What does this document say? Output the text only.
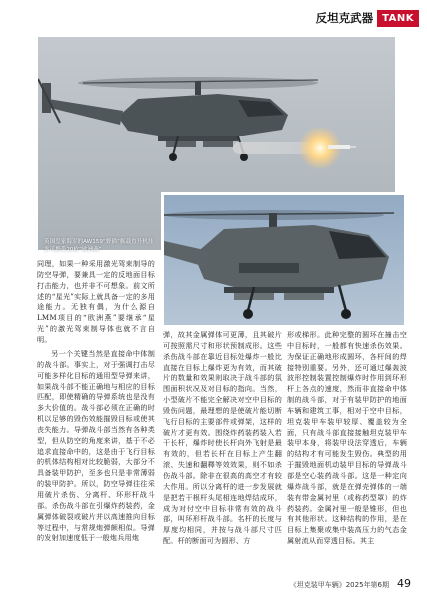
反坦克武器 TANK
英国皇家海军的AW159“野猫”舰载直升机挂多可携带20枚“欧洲燕”

同理，如果一种采用激光驾束制导的防空导弹，要兼具一定的反地面目标打击能力，也并非不可想象。前文所述的“星光”实际上就具备一定的多用途能力。无独有偶，为什么源自LMM项目的“欧洲燕”要继承“星光”的激光驾束制导体也就不言自明。

另一个关键当然是直接命中体制的战斗部。事实上，对于强调打击尽可能多样化目标的通用型导弹来讲，如果战斗部不能正确地与相应的目标匹配，即使精确的导弹系统也是没有多大价值的。战斗部必须在正确的时机以足够的毁伤效能摧毁目标或使其丧失能力。导弹战斗部当然有各种类型，但从防空的角度来讲，基于不必追求直接命中的，这是由于飞行目标的机体结构相对比较脆弱，大部分不具备装甲防护，至多也只是非常薄弱的装甲防护。所以，防空导弹往往采用破片杀伤、分离杆、环形杆战斗部。杀伤战斗部在引爆炸药装药，金属弹体破裂或破片并以高速推向目标等过程中，与常规炮弹颇相似。导弹的发射加速度低于一般炮兵用炮

弹，故其金属弹体可更薄，且其破片可按照需尺寸和形状预制成形。这些杀伤战斗部在靠近目标处爆炸一般比直接在目标上爆炸更为有效，而其破片的数量和效果则取决于战斗部的氛围面积状况及对目标的指向。当然，小型破片不能完全解决对空中目标的毁伤问题，最理想的是使破片能切断飞行目标的主要部件或弹架，这样的破片才更有效。围绕炸药装药装入若干长杆，爆炸时使长杆向外飞射是最有效的，但若长杆在目标上产生翻滚、失速和翻釋等效效果，则不如杀伤战斗部。除非在很高的高空才有较大作用。所以分离杆的进一步发展就是把若干根杆头尾相连地焊结成环，成为对付空中目标非常有效的战斗部，叫环形杆战斗部。名杆的长度与厚度均相同，并按与战斗部尺寸匹配。杆的断面可为圆形、方

形或梯形。此种完整的圆环在撞击空中目标时，一般都有快速杀伤效果。为保证正确地形成圆环，各杆间的焊接特别重要。另外，还可通过爆轰波波形控制装置控制爆炸时作用到环形杆上各点的速度，然而非直接命中体制的战斗部，对于有装甲防护的地面车辆和建筑工事，相对于空中目标，坦克装甲车装甲较厚、覆盖较为全面，只有战斗部直接接触坦克装甲车装甲本身，将装甲设法穿透后，车辆的结构才有可能发生毁伤。典型的用于摧毁地面机动装甲目标的导弹战斗部是空心装药战斗部。这是一种定向爆炸战斗部，就是在弹壳弹体的一端装有带金属衬里（或称药型罩）的炸药装药。金属衬里一般是锥形，但也有其他形状。这种结构的作用，是在目标上集聚或集中装高压力的气态金属射流从而穿透目标。其主

《坦克装甲车辆》2025年第6期 49
